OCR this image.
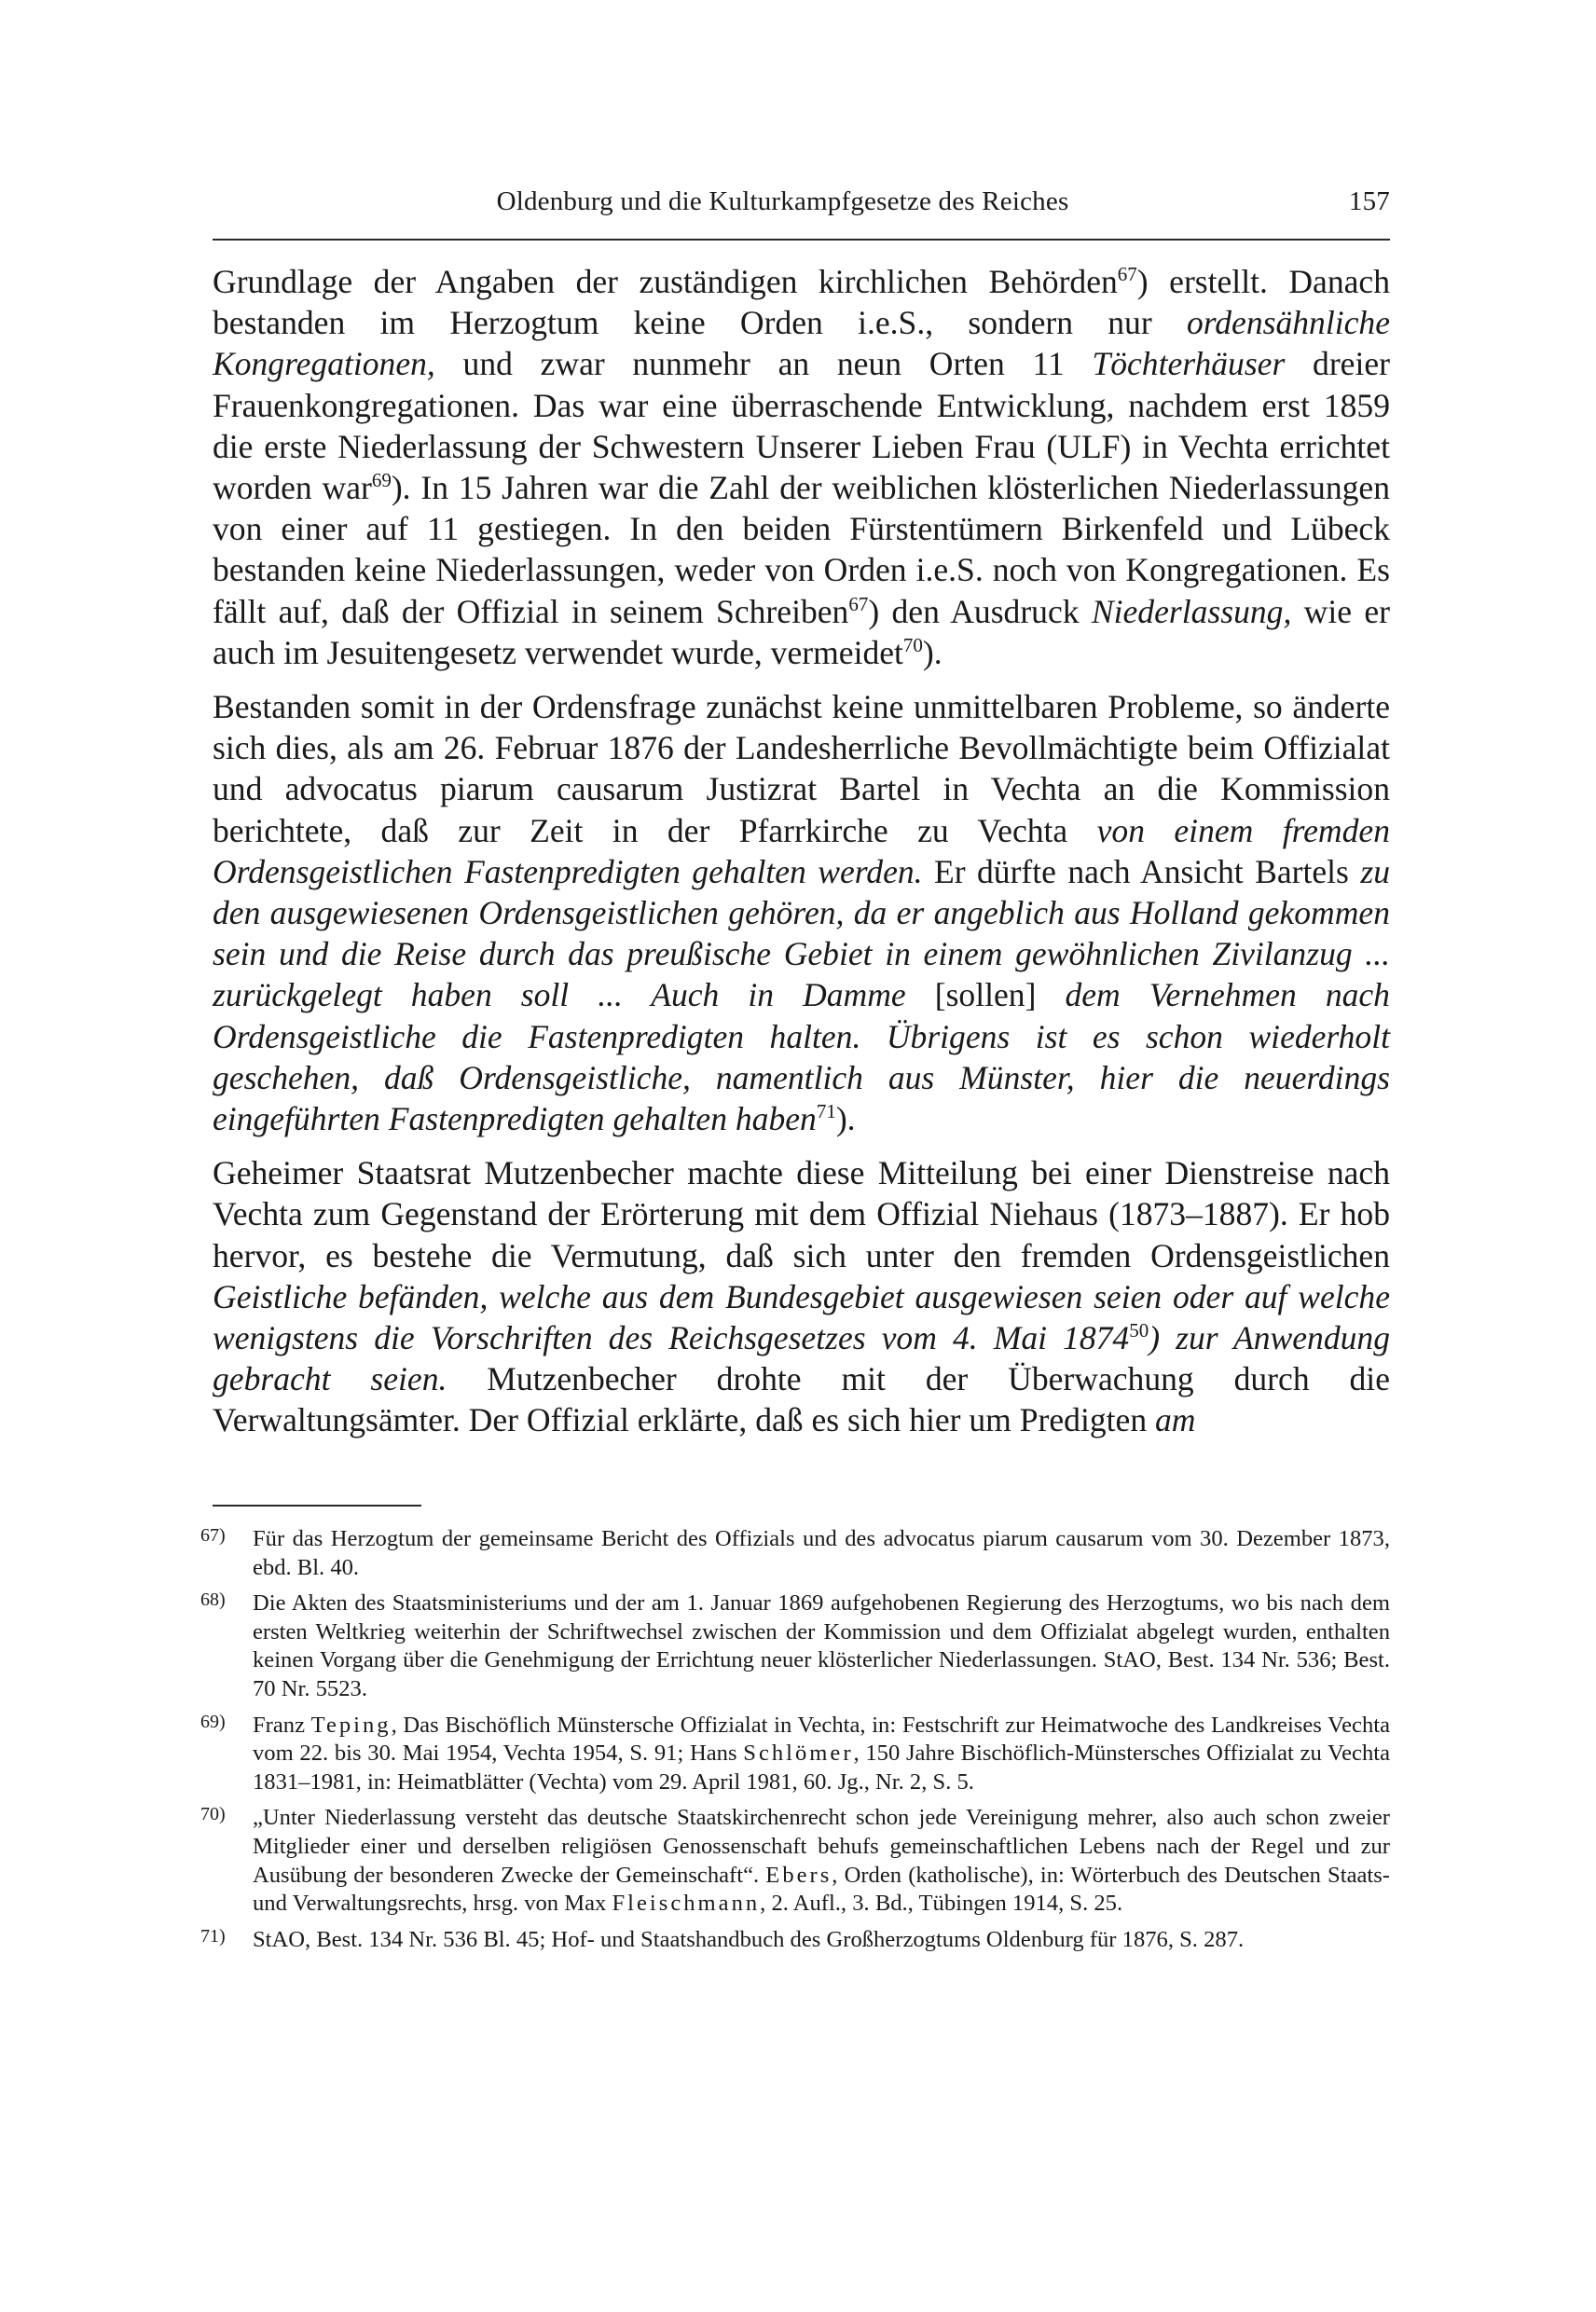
Oldenburg und die Kulturkampfgesetze des Reiches	157

Grundlage der Angaben der zuständigen kirchlichen Behörden$^{67}$) erstellt. Danach bestanden im Herzogtum keine Orden i.e.S., sondern nur ordensähnliche Kongregationen, und zwar nunmehr an neun Orten 11 Töchterhäuser dreier Frauenkongregationen. Das war eine überraschende Entwicklung, nachdem erst 1859 die erste Niederlassung der Schwestern Unserer Lieben Frau (ULF) in Vechta errichtet worden war$^{69}$). In 15 Jahren war die Zahl der weiblichen klösterlichen Niederlassungen von einer auf 11 gestiegen. In den beiden Fürstentümern Birkenfeld und Lübeck bestanden keine Niederlassungen, weder von Orden i.e.S. noch von Kongregationen. Es fällt auf, daß der Offizial in seinem Schreiben$^{67}$) den Ausdruck Niederlassung, wie er auch im Jesuitengesetz verwendet wurde, vermeidet$^{70}$).

Bestanden somit in der Ordensfrage zunächst keine unmittelbaren Probleme, so änderte sich dies, als am 26. Februar 1876 der Landesherrliche Bevollmächtigte beim Offizialat und advocatus piarum causarum Justizrat Bartel in Vechta an die Kommission berichtete, daß zur Zeit in der Pfarrkirche zu Vechta von einem fremden Ordensgeistlichen Fastenpredigten gehalten werden. Er dürfte nach Ansicht Bartels zu den ausgewiesenen Ordensgeistlichen gehören, da er angeblich aus Holland gekommen sein und die Reise durch das preußische Gebiet in einem gewöhnlichen Zivilanzug ... zurückgelegt haben soll ... Auch in Damme [sollen] dem Vernehmen nach Ordensgeistliche die Fastenpredigten halten. Übrigens ist es schon wiederholt geschehen, daß Ordensgeistliche, namentlich aus Münster, hier die neuerdings eingeführten Fastenpredigten gehalten haben$^{71}$).

Geheimer Staatsrat Mutzenbecher machte diese Mitteilung bei einer Dienstreise nach Vechta zum Gegenstand der Erörterung mit dem Offizial Niehaus (1873–1887). Er hob hervor, es bestehe die Vermutung, daß sich unter den fremden Ordensgeistlichen Geistliche befänden, welche aus dem Bundesgebiet ausgewiesen seien oder auf welche wenigstens die Vorschriften des Reichsgesetzes vom 4. Mai 1874$^{50}$) zur Anwendung gebracht seien. Mutzenbecher drohte mit der Überwachung durch die Verwaltungsämter. Der Offizial erklärte, daß es sich hier um Predigten am

67)	Für das Herzogtum der gemeinsame Bericht des Offizials und des advocatus piarum causarum vom 30. Dezember 1873, ebd. Bl. 40.
68)	Die Akten des Staatsministeriums und der am 1. Januar 1869 aufgehobenen Regierung des Herzogtums, wo bis nach dem ersten Weltkrieg weiterhin der Schriftwechsel zwischen der Kommission und dem Offizialat abgelegt wurden, enthalten keinen Vorgang über die Genehmigung der Errichtung neuer klösterlicher Niederlassungen. StAO, Best. 134 Nr. 536; Best. 70 Nr. 5523.
69)	Franz Teping, Das Bischöflich Münstersche Offizialat in Vechta, in: Festschrift zur Heimatwoche des Landkreises Vechta vom 22. bis 30. Mai 1954, Vechta 1954, S. 91; Hans Schlömer, 150 Jahre Bischöflich-Münstersches Offizialat zu Vechta 1831–1981, in: Heimatblätter (Vechta) vom 29. April 1981, 60. Jg., Nr. 2, S. 5.
70)	„Unter Niederlassung versteht das deutsche Staatskirchenrecht schon jede Vereinigung mehrer, also auch schon zweier Mitglieder einer und derselben religiösen Genossenschaft behufs gemeinschaftlichen Lebens nach der Regel und zur Ausübung der besonderen Zwecke der Gemeinschaft“. Ebers, Orden (katholische), in: Wörterbuch des Deutschen Staats- und Verwaltungsrechts, hrsg. von Max Fleischmann, 2. Aufl., 3. Bd., Tübingen 1914, S. 25.
71)	StAO, Best. 134 Nr. 536 Bl. 45; Hof- und Staatshandbuch des Großherzogtums Oldenburg für 1876, S. 287.
